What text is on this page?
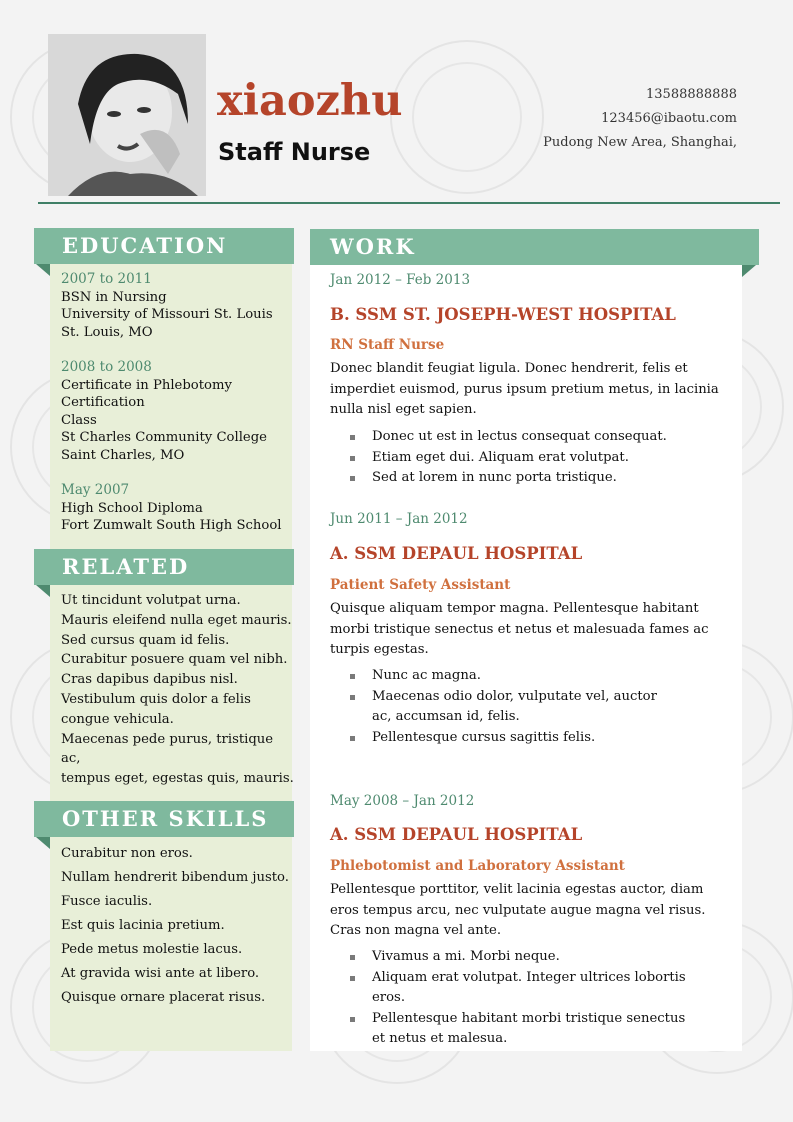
xiaozhu
Staff Nurse
13588888888
123456@ibaotu.com
Pudong New Area, Shanghai,
EDUCATION
2007 to 2011
BSN in Nursing
University of Missouri St. Louis
St. Louis, MO
2008 to 2008
Certificate in Phlebotomy Certification
Class
St Charles Community College
Saint Charles, MO
May 2007
High School Diploma
Fort Zumwalt South High School
RELATED
Ut tincidunt volutpat urna.
Mauris eleifend nulla eget mauris.
Sed cursus quam id felis.
Curabitur posuere quam vel nibh.
Cras dapibus dapibus nisl.
Vestibulum quis dolor a felis
congue vehicula.
Maecenas pede purus, tristique ac,
tempus eget, egestas quis, mauris.
OTHER SKILLS
Curabitur non eros.
Nullam hendrerit bibendum justo.
Fusce iaculis.
Est quis lacinia pretium.
Pede metus molestie lacus.
At gravida wisi ante at libero.
Quisque ornare placerat risus.
WORK
Jan 2012 – Feb 2013
B. SSM ST. JOSEPH-WEST HOSPITAL
RN Staff Nurse
Donec blandit feugiat ligula. Donec hendrerit, felis et imperdiet euismod, purus ipsum pretium metus, in lacinia nulla nisl eget sapien.
Donec ut est in lectus consequat consequat.
Etiam eget dui. Aliquam erat volutpat.
Sed at lorem in nunc porta tristique.
Jun 2011 – Jan 2012
A. SSM DEPAUL HOSPITAL
Patient Safety Assistant
Quisque aliquam tempor magna. Pellentesque habitant morbi tristique senectus et netus et malesuada fames ac turpis egestas.
Nunc ac magna.
Maecenas odio dolor, vulputate vel, auctor ac, accumsan id, felis.
Pellentesque cursus sagittis felis.
May 2008 – Jan 2012
A. SSM DEPAUL HOSPITAL
Phlebotomist and Laboratory Assistant
Pellentesque porttitor, velit lacinia egestas auctor, diam eros tempus arcu, nec vulputate augue magna vel risus. Cras non magna vel ante.
Vivamus a mi. Morbi neque.
Aliquam erat volutpat. Integer ultrices lobortis eros.
Pellentesque habitant morbi tristique senectus et netus et malesua.
